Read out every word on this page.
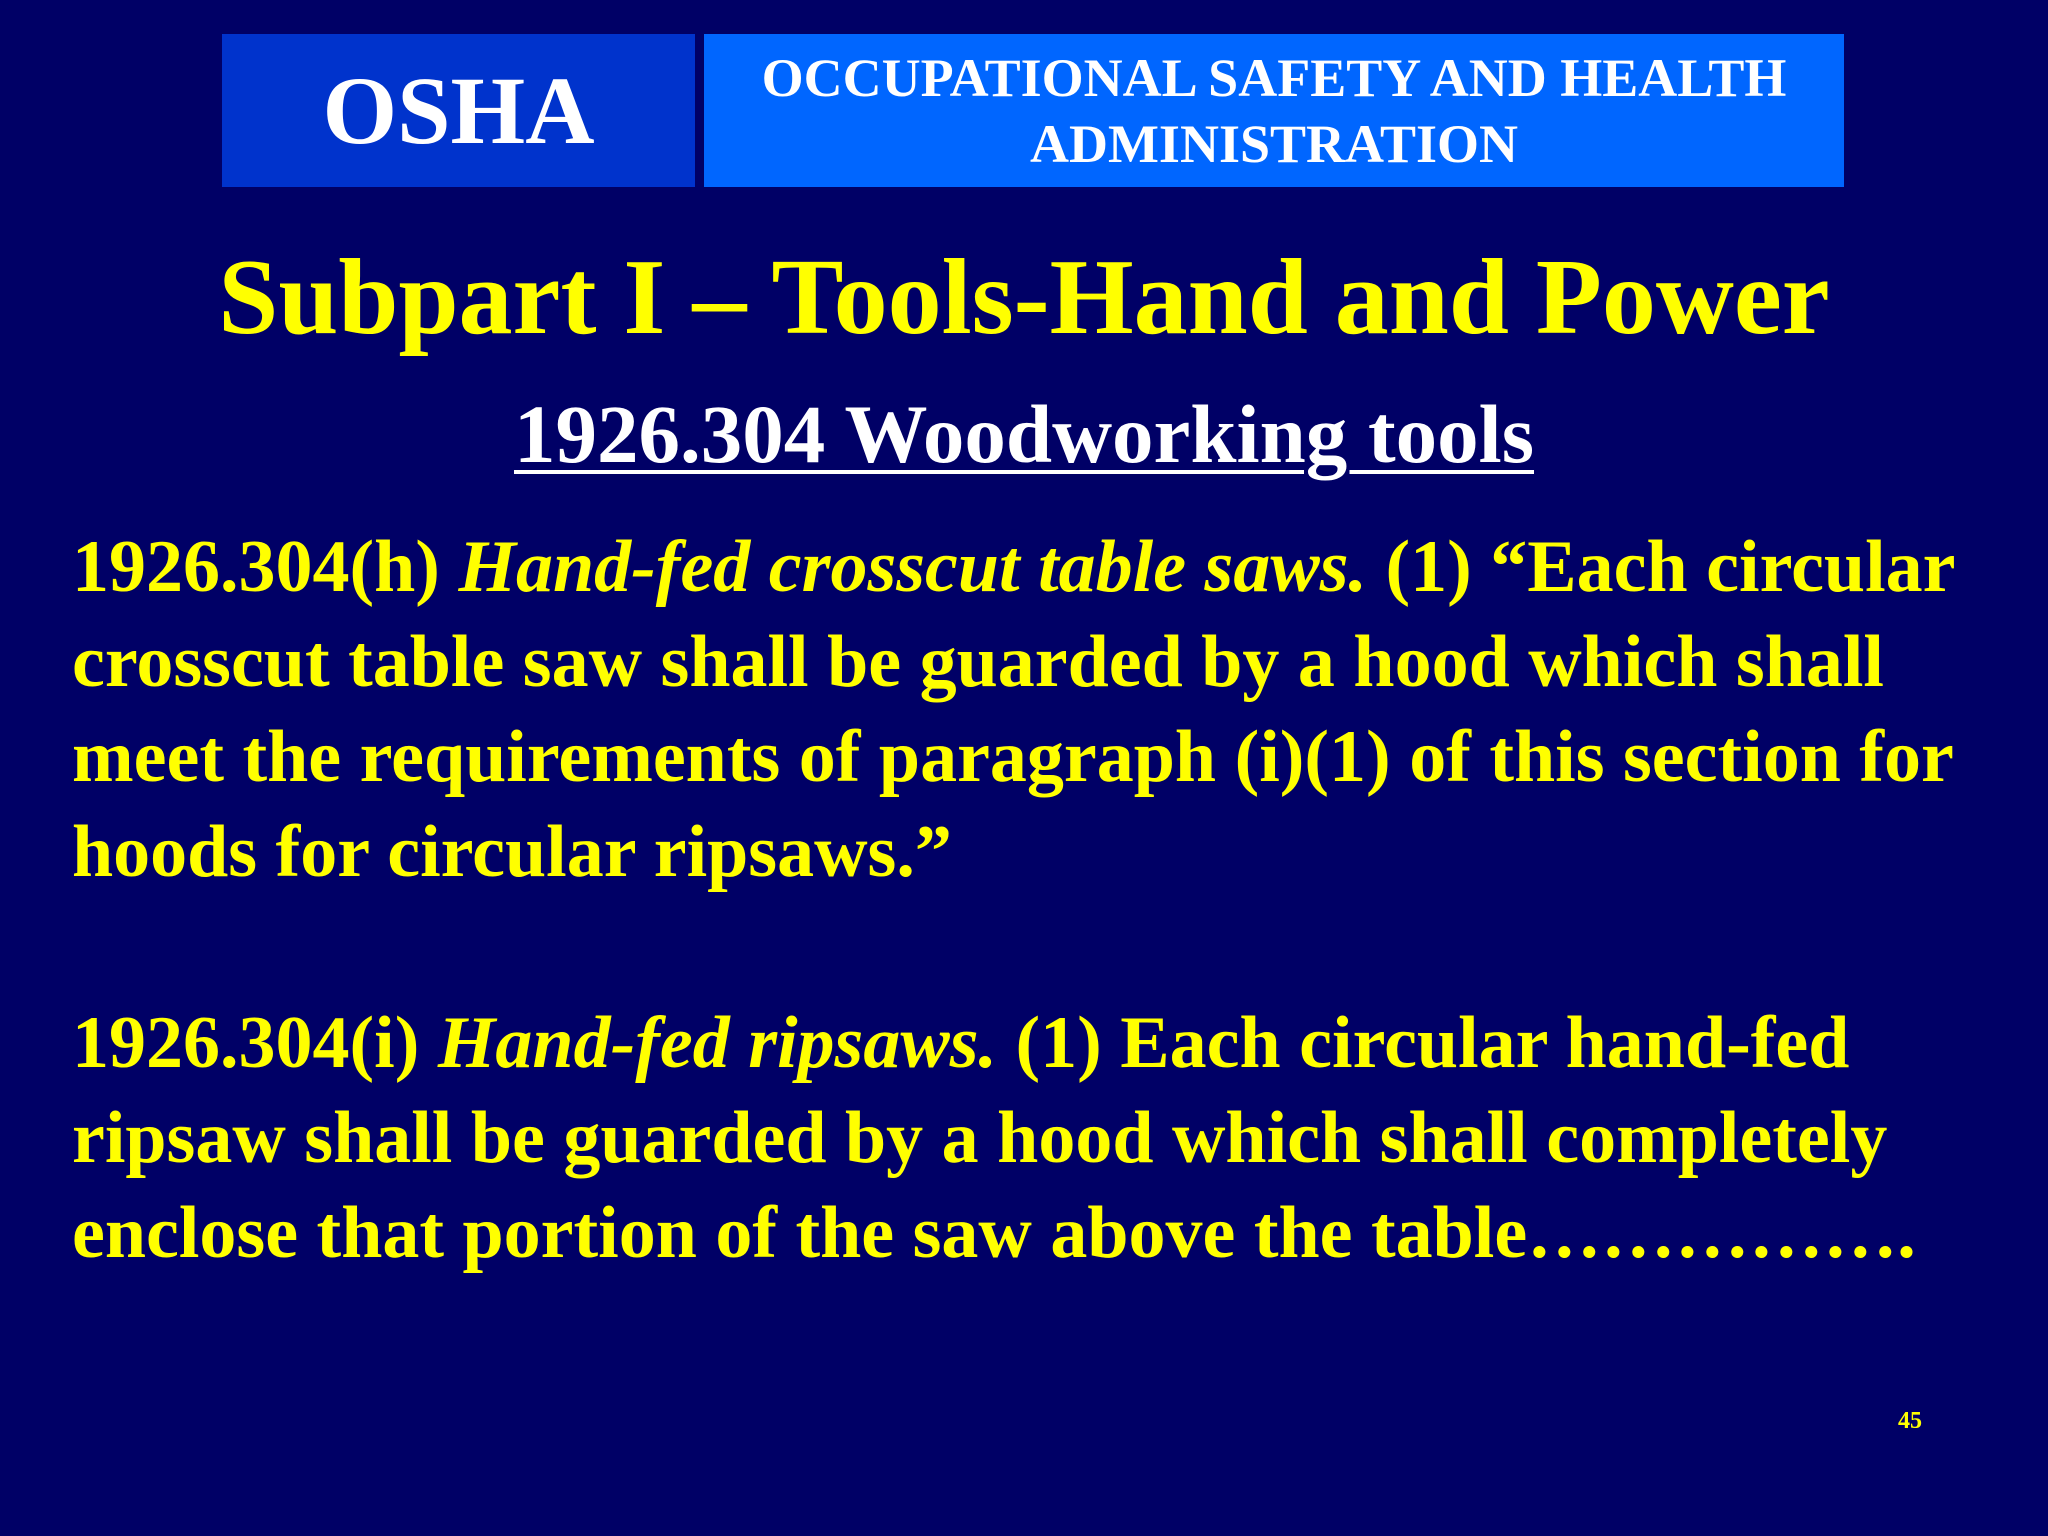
OSHA	OCCUPATIONAL SAFETY AND HEALTH ADMINISTRATION
Subpart I – Tools-Hand and Power
1926.304 Woodworking tools
1926.304(h) Hand-fed crosscut table saws. (1) “Each circular crosscut table saw shall be guarded by a hood which shall meet the requirements of paragraph (i)(1) of this section for hoods for circular ripsaws.”
1926.304(i) Hand-fed ripsaws. (1) Each circular hand-fed ripsaw shall be guarded by a hood which shall completely enclose that portion of the saw above the table…………….
45
